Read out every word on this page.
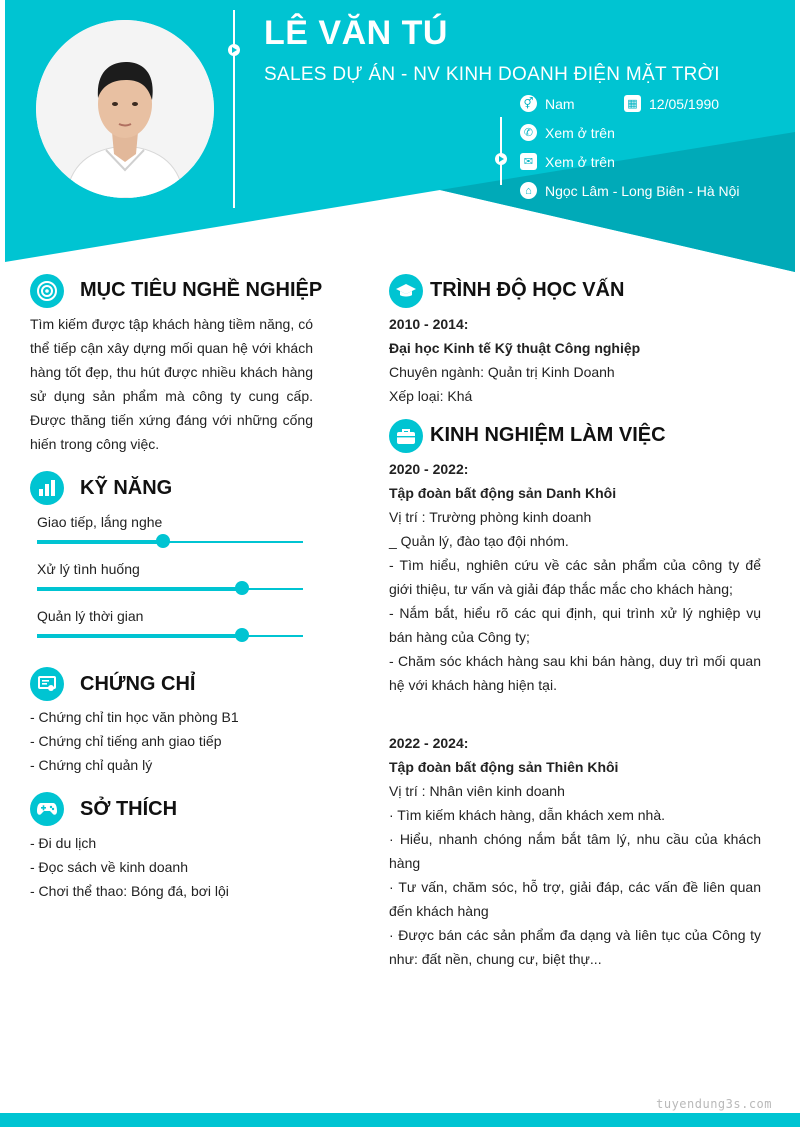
LÊ VĂN TÚ
SALES DỰ ÁN - NV KINH DOANH ĐIỆN MẶT TRỜI
⚥ Nam	▦ 12/05/1990
✆ Xem ở trên
✉ Xem ở trên
⌂ Ngọc Lâm - Long Biên - Hà Nội
MỤC TIÊU NGHỀ NGHIỆP

Tìm kiếm được tập khách hàng tiềm năng, có thể tiếp cận xây dựng mối quan hệ với khách hàng tốt đẹp, thu hút được nhiều khách hàng sử dụng sản phẩm mà công ty cung cấp. Được thăng tiến xứng đáng với những cống hiến trong công việc.

KỸ NĂNG
Giao tiếp, lắng nghe
Xử lý tình huống
Quản lý thời gian
CHỨNG CHỈ
- Chứng chỉ tin học văn phòng B1
- Chứng chỉ tiếng anh giao tiếp
- Chứng chỉ quản lý
SỞ THÍCH
- Đi du lịch
- Đọc sách về kinh doanh
- Chơi thể thao: Bóng đá, bơi lội
TRÌNH ĐỘ HỌC VẤN
2010 - 2014:
Đại học Kinh tế Kỹ thuật Công nghiệp
Chuyên ngành: Quản trị Kinh Doanh
Xếp loại: Khá
KINH NGHIỆM LÀM VIỆC
2020 - 2022:
Tập đoàn bất động sản Danh Khôi
Vị trí : Trường phòng kinh doanh
_ Quản lý, đào tạo đội nhóm.
- Tìm hiểu, nghiên cứu về các sản phẩm của công ty để giới thiệu, tư vấn và giải đáp thắc mắc cho khách hàng;
- Nắm bắt, hiểu rõ các qui định, qui trình xử lý nghiệp vụ bán hàng của Công ty;
- Chăm sóc khách hàng sau khi bán hàng, duy trì mối quan hệ với khách hàng hiện tại.
2022 - 2024:
Tập đoàn bất động sản Thiên Khôi
Vị trí : Nhân viên kinh doanh
· Tìm kiếm khách hàng, dẫn khách xem nhà.
· Hiểu, nhanh chóng nắm bắt tâm lý, nhu cầu của khách hàng
· Tư vấn, chăm sóc, hỗ trợ, giải đáp, các vấn đề liên quan đến khách hàng
· Được bán các sản phẩm đa dạng và liên tục của Công ty như: đất nền, chung cư, biệt thự...
tuyendung3s.com
